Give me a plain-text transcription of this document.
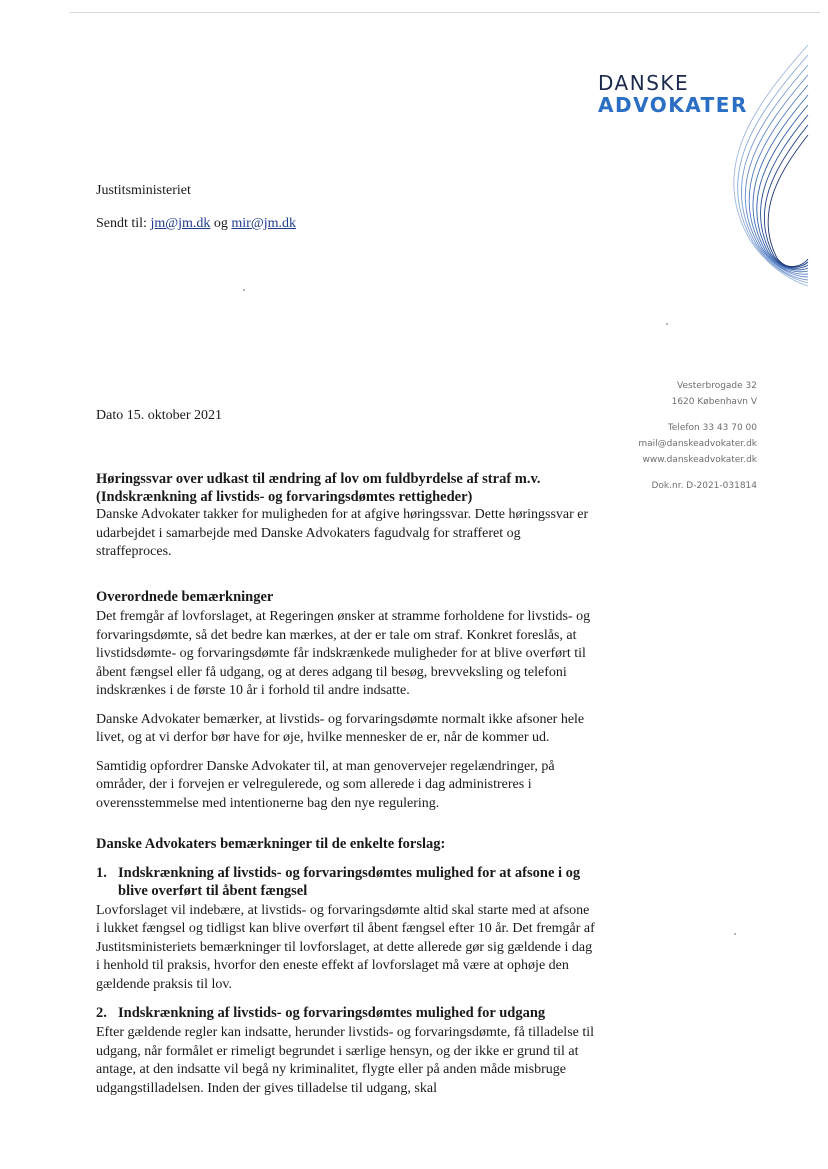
DANSKE
ADVOKATER
Justitsministeriet
Sendt til: jm@jm.dk og mir@jm.dk
Vesterbrogade 32
1620 København V
Telefon 33 43 70 00
mail@danskeadvokater.dk
www.danskeadvokater.dk
Dok.nr. D-2021-031814
Dato 15. oktober 2021
Høringssvar over udkast til ændring af lov om fuldbyrdelse af straf m.v.
(Indskrænkning af livstids- og forvaringsdømtes rettigheder)

Danske Advokater takker for muligheden for at afgive høringssvar. Dette høringssvar er udarbejdet i samarbejde med Danske Advokaters fagudvalg for strafferet og straffeproces.

Overordnede bemærkninger

Det fremgår af lovforslaget, at Regeringen ønsker at stramme forholdene for livstids- og forvaringsdømte, så det bedre kan mærkes, at der er tale om straf. Konkret foreslås, at livstidsdømte- og forvaringsdømte får indskrænkede muligheder for at blive overført til åbent fængsel eller få udgang, og at deres adgang til besøg, brevveksling og telefoni indskrænkes i de første 10 år i forhold til andre indsatte.

Danske Advokater bemærker, at livstids- og forvaringsdømte normalt ikke afsoner hele livet, og at vi derfor bør have for øje, hvilke mennesker de er, når de kommer ud.

Samtidig opfordrer Danske Advokater til, at man genovervejer regelændringer, på områder, der i forvejen er velregulerede, og som allerede i dag administreres i overensstemmelse med intentionerne bag den nye regulering.

Danske Advokaters bemærkninger til de enkelte forslag:
1. Indskrænkning af livstids- og forvaringsdømtes mulighed for at afsone i og blive overført til åbent fængsel

Lovforslaget vil indebære, at livstids- og forvaringsdømte altid skal starte med at afsone i lukket fængsel og tidligst kan blive overført til åbent fængsel efter 10 år. Det fremgår af Justitsministeriets bemærkninger til lovforslaget, at dette allerede gør sig gældende i dag i henhold til praksis, hvorfor den eneste effekt af lovforslaget må være at ophøje den gældende praksis til lov.

2. Indskrænkning af livstids- og forvaringsdømtes mulighed for udgang

Efter gældende regler kan indsatte, herunder livstids- og forvaringsdømte, få tilladelse til udgang, når formålet er rimeligt begrundet i særlige hensyn, og der ikke er grund til at antage, at den indsatte vil begå ny kriminalitet, flygte eller på anden måde misbruge udgangstilladelsen. Inden der gives tilladelse til udgang, skal
